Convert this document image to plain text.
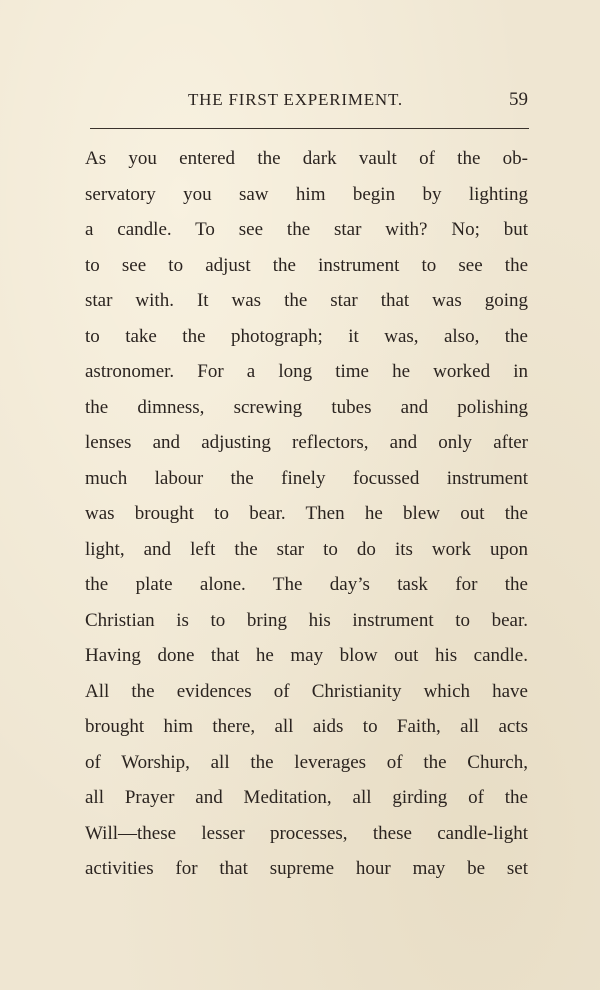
THE FIRST EXPERIMENT.	59
As you entered the dark vault of the ob-
servatory you saw him begin by lighting
a candle. To see the star with? No; but
to see to adjust the instrument to see the
star with. It was the star that was going
to take the photograph; it was, also, the
astronomer. For a long time he worked in
the dimness, screwing tubes and polishing
lenses and adjusting reflectors, and only after
much labour the finely focussed instrument
was brought to bear. Then he blew out the
light, and left the star to do its work upon
the plate alone. The day’s task for the
Christian is to bring his instrument to bear.
Having done that he may blow out his candle.
All the evidences of Christianity which have
brought him there, all aids to Faith, all acts
of Worship, all the leverages of the Church,
all Prayer and Meditation, all girding of the
Will—these lesser processes, these candle-light
activities for that supreme hour may be set
